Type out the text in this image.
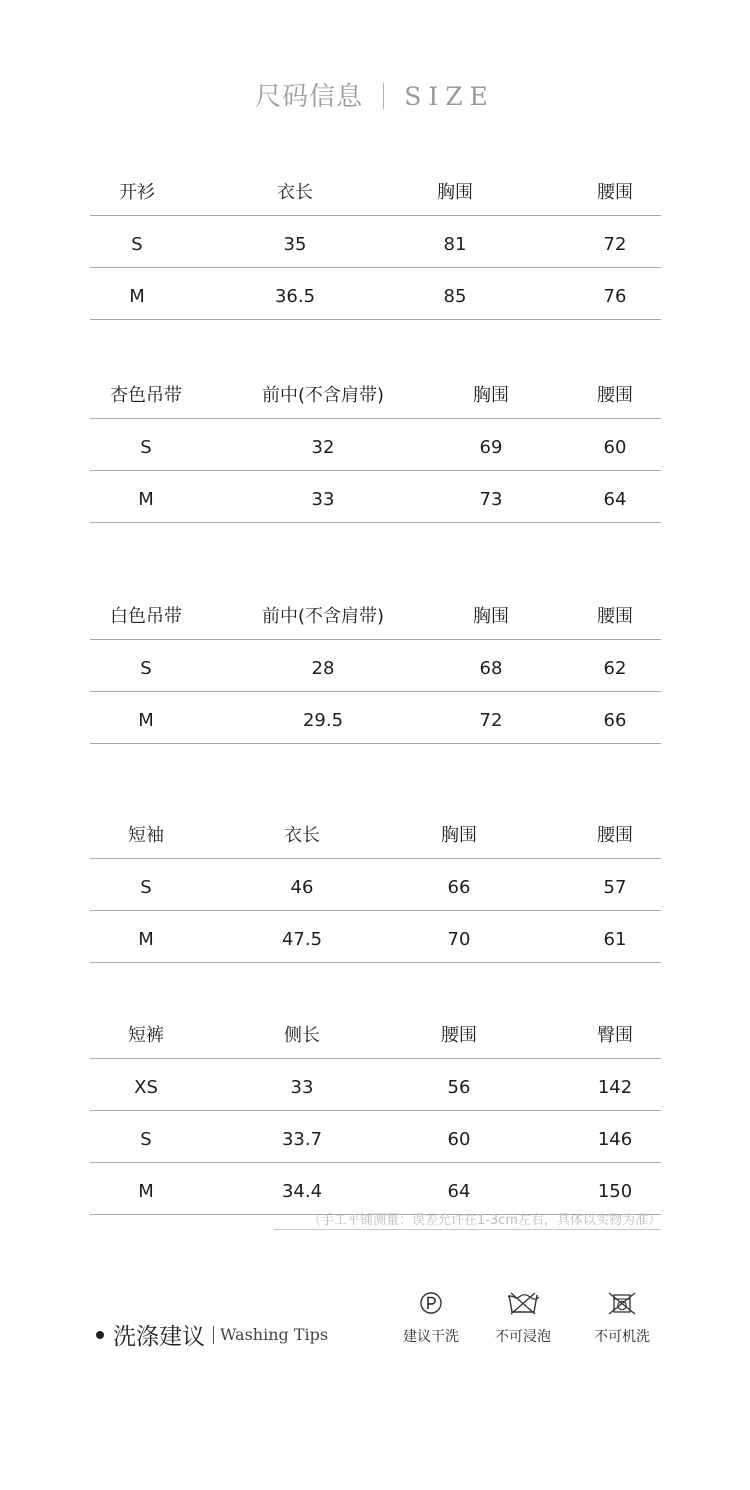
尺码信息 SIZE
开衫	衣长	胸围	腰围
S	35	81	72
M	36.5	85	76
杏色吊带	前中(不含肩带)	胸围	腰围
S	32	69	60
M	33	73	64
白色吊带	前中(不含肩带)	胸围	腰围
S	28	68	62
M	29.5	72	66
短袖	衣长	胸围	腰围
S	46	66	57
M	47.5	70	61
短裤	侧长	腰围	臀围
XS	33	56	142
S	33.7	60	146
M	34.4	64	150
（手工平铺测量：误差允许在1-3cm左右，具体以实物为准）
洗涤建议 Washing Tips	建议干洗	不可浸泡	不可机洗
